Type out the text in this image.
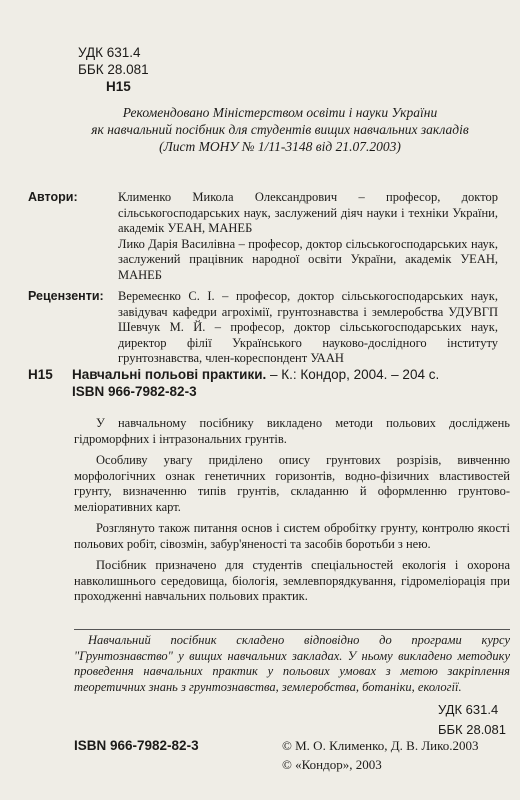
УДК 631.4
ББК 28.081
Н15
Рекомендовано Міністерством освіти і науки України
як навчальний посібник для студентів вищих навчальних закладів
(Лист МОНУ № 1/11-3148 від 21.07.2003)
Автори:	Клименко Микола Олександрович – професор, доктор сільськогосподарських наук, заслужений діяч науки і техніки України, академік УЕАН, МАНЕБ

Лико Дарія Василівна – професор, доктор сільськогосподарських наук, заслужений працівник народної освіти України, академік УЕАН, МАНЕБ

Рецензенти:	Веремеєнко С. І. – професор, доктор сільськогосподарських наук, завідувач кафедри агрохімії, грунтознавства і землеробства УДУВГП Шевчук М. Й. – професор, доктор сільськогосподарських наук, директор філії Українського науково-дослідного інституту грунтознавства, член-кореспондент УААН
Н15 Навчальні польові практики. – К.: Кондор, 2004. – 204 с.
ISBN 966-7982-82-3

У навчальному посібнику викладено методи польових досліджень гідроморфних і інтразональних грунтів.

Особливу увагу приділено опису грунтових розрізів, вивченню морфологічних ознак генетичних горизонтів, водно-фізичних властивостей грунту, визначенню типів грунтів, складанню й оформленню грунтово-меліоративних карт.

Розглянуто також питання основ і систем обробітку грунту, контролю якості польових робіт, сівозмін, забур'яненості та засобів боротьби з нею.

Посібник призначено для студентів спеціальностей екологія і охорона навколишнього середовища, біологія, землевпорядкування, гідромеліорація при проходженні навчальних польових практик.

Навчальний посібник складено відповідно до програми курсу "Грунтознавство" у вищих навчальних закладах. У ньому викладено методику проведення навчальних практик у польових умовах з метою закріплення теоретичних знань з грунтознавства, землеробства, ботаніки, екології.

УДК 631.4
ББК 28.081
ISBN 966-7982-82-3	© М. О. Клименко, Д. В. Лико.2003
© «Кондор», 2003
